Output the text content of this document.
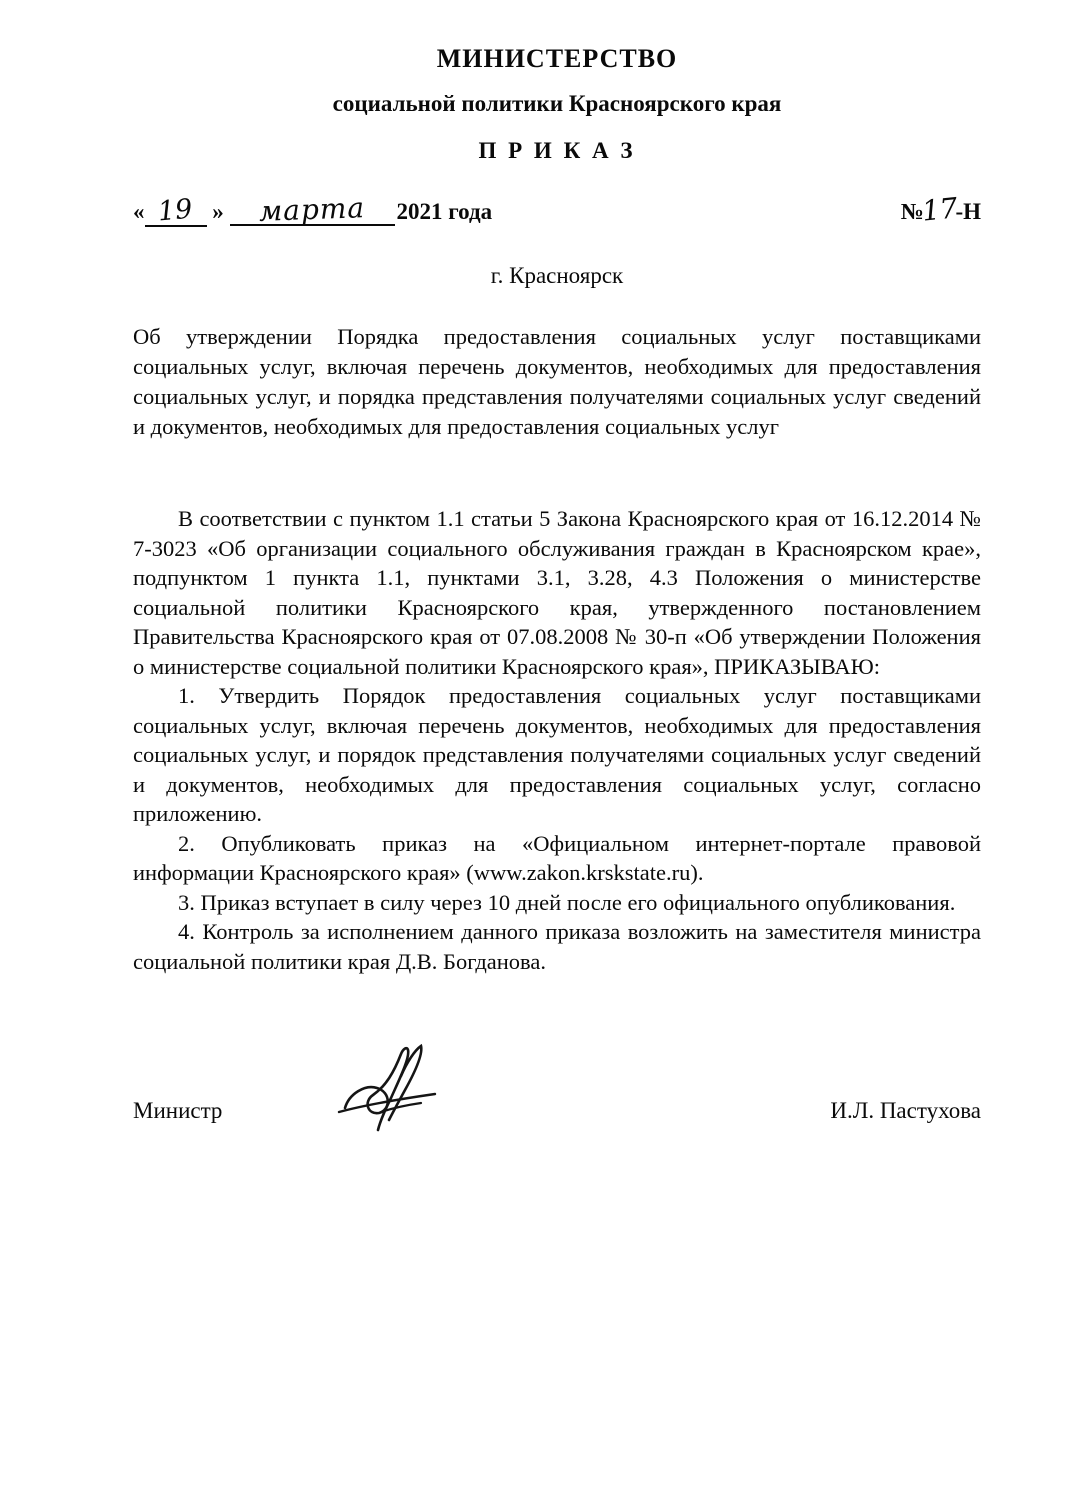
МИНИСТЕРСТВО
социальной политики Красноярского края
П Р И К А З
« 19 » марта 2021 года	№17-Н
г. Красноярск
Об утверждении Порядка предоставления социальных услуг поставщиками социальных услуг, включая перечень документов, необходимых для предоставления социальных услуг, и порядка представления получателями социальных услуг сведений и документов, необходимых для предоставления социальных услуг

В соответствии с пунктом 1.1 статьи 5 Закона Красноярского края от 16.12.2014 № 7-3023 «Об организации социального обслуживания граждан в Красноярском крае», подпунктом 1 пункта 1.1, пунктами 3.1, 3.28, 4.3 Положения о министерстве социальной политики Красноярского края, утвержденного постановлением Правительства Красноярского края от 07.08.2008 № 30-п «Об утверждении Положения о министерстве социальной политики Красноярского края», ПРИКАЗЫВАЮ:

1. Утвердить Порядок предоставления социальных услуг поставщиками социальных услуг, включая перечень документов, необходимых для предоставления социальных услуг, и порядок представления получателями социальных услуг сведений и документов, необходимых для предоставления социальных услуг, согласно приложению.

2. Опубликовать приказ на «Официальном интернет-портале правовой информации Красноярского края» (www.zakon.krskstate.ru).

3. Приказ вступает в силу через 10 дней после его официального опубликования.

4. Контроль за исполнением данного приказа возложить на заместителя министра социальной политики края Д.В. Богданова.

Министр	И.Л. Пастухова
